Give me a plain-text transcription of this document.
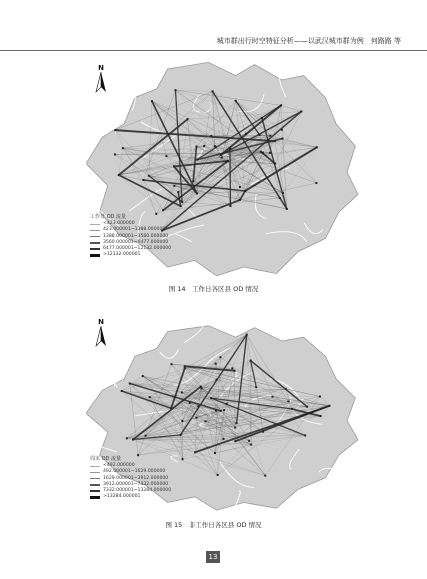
城市群出行时空特征分析——以武汉城市群为例　何路路 等
N
工作日 OD 流量
<423.000000
423.000001~1388.000000
1388.000001~3560.000000
3560.000001~6477.000000
6477.000001~12132.000000
>12132.000001
图 14　工作日各区县 OD 情况
N
周末 OD 流量
<492.000000
492.000001~1629.000000
1629.000001~3912.000000
3912.000001~7332.000000
7332.000001~13284.000000
>13284.000001
图 15　非工作日各区县 OD 情况
13
